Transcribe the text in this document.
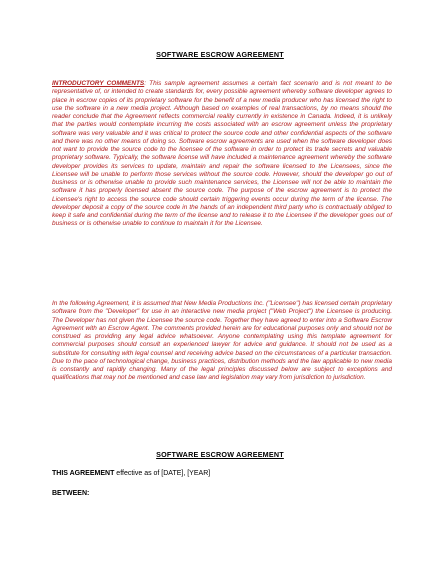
SOFTWARE ESCROW AGREEMENT

INTRODUCTORY COMMENTS: This sample agreement assumes a certain fact scenario and is not meant to be representative of, or intended to create standards for, every possible agreement whereby software developer agrees to place in escrow copies of its proprietary software for the benefit of a new media producer who has licensed the right to use the software in a new media project. Although based on examples of real transactions, by no means should the reader conclude that the Agreement reflects commercial reality currently in existence in Canada. Indeed, it is unlikely that the parties would contemplate incurring the costs associated with an escrow agreement unless the proprietary software was very valuable and it was critical to protect the source code and other confidential aspects of the software and there was no other means of doing so. Software escrow agreements are used when the software developer does not want to provide the source code to the licensee of the software in order to protect its trade secrets and valuable proprietary software. Typically, the software license will have included a maintenance agreement whereby the software developer provides its services to update, maintain and repair the software licensed to the Licensees, since the Licensee will be unable to perform those services without the source code. However, should the developer go out of business or is otherwise unable to provide such maintenance services, the Licensee will not be able to maintain the software it has properly licensed absent the source code. The purpose of the escrow agreement is to protect the Licensee's right to access the source code should certain triggering events occur during the term of the license. The developer deposit a copy of the source code in the hands of an independent third party who is contractually obliged to keep it safe and confidential during the term of the license and to release it to the Licensee if the developer goes out of business or is otherwise unable to continue to maintain it for the Licensee.

In the following Agreement, it is assumed that New Media Productions Inc. ("Licensee") has licensed certain proprietary software from the "Developer" for use in an interactive new media project ("Web Project") the Licensee is producing. The Developer has not given the Licensee the source code. Together they have agreed to enter into a Software Escrow Agreement with an Escrow Agent. The comments provided herein are for educational purposes only and should not be construed as providing any legal advice whatsoever. Anyone contemplating using this template agreement for commercial purposes should consult an experienced lawyer for advice and guidance. It should not be used as a substitute for consulting with legal counsel and receiving advice based on the circumstances of a particular transaction. Due to the pace of technological change, business practices, distribution methods and the law applicable to new media is constantly and rapidly changing. Many of the legal principles discussed below are subject to exceptions and qualifications that may not be mentioned and case law and legislation may vary from jurisdiction to jurisdiction.

SOFTWARE ESCROW AGREEMENT
THIS AGREEMENT effective as of [DATE], [YEAR]
BETWEEN:
